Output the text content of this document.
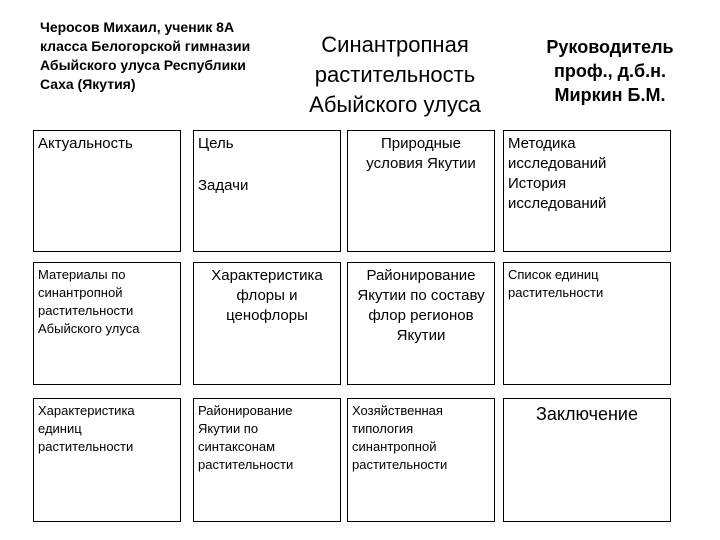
Черосов Михаил, ученик 8А класса Белогорской гимназии Абыйского улуса Республики Саха (Якутия)
Синантропная растительность Абыйского улуса
Руководитель проф., д.б.н. Миркин Б.М.
Актуальность	Цель
Задачи
Природные условия Якутии
Методика исследований
История исследований
Материалы по синантропной растительности Абыйского улуса
Характеристика флоры и ценофлоры
Районирование Якутии по составу флор регионов Якутии
Список единиц растительности
Характеристика единиц растительности
Районирование Якутии по синтаксонам растительности
Хозяйственная типология синантропной растительности
Заключение
